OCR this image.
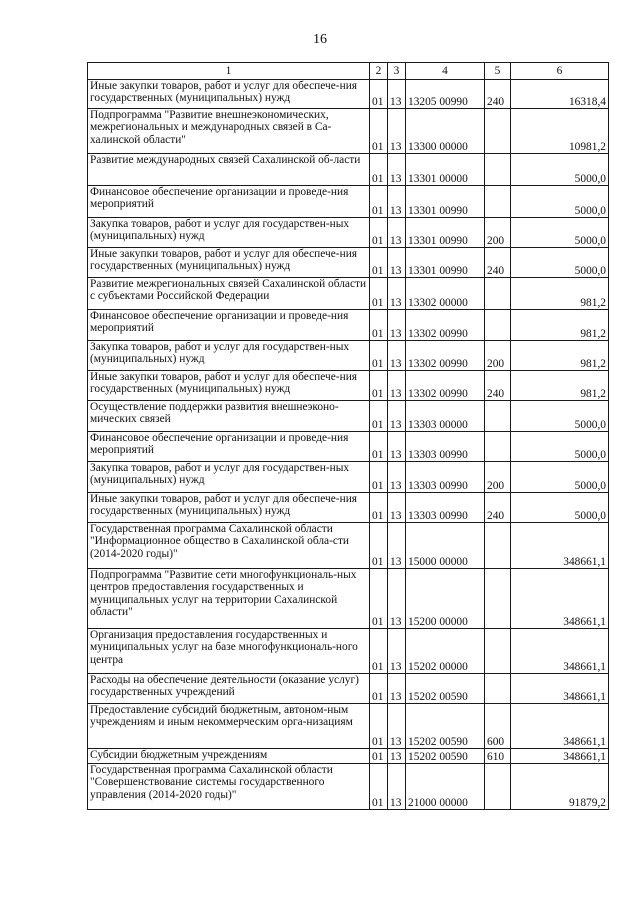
16
1	2	3	4	5	6
Иные закупки товаров, работ и услуг для обеспече-ния государственных (муниципальных) нужд	01	13	13205 00990	240	16318,4
Подпрограмма "Развитие внешнеэкономических, межрегиональных и международных связей в Са-халинской области"	01	13	13300 00000		10981,2
Развитие международных связей Сахалинской об-ласти	01	13	13301 00000		5000,0
Финансовое обеспечение организации и проведе-ния мероприятий	01	13	13301 00990		5000,0
Закупка товаров, работ и услуг для государствен-ных (муниципальных) нужд	01	13	13301 00990	200	5000,0
Иные закупки товаров, работ и услуг для обеспече-ния государственных (муниципальных) нужд	01	13	13301 00990	240	5000,0
Развитие межрегиональных связей Сахалинской области с субъектами Российской Федерации	01	13	13302 00000		981,2
Финансовое обеспечение организации и проведе-ния мероприятий	01	13	13302 00990		981,2
Закупка товаров, работ и услуг для государствен-ных (муниципальных) нужд	01	13	13302 00990	200	981,2
Иные закупки товаров, работ и услуг для обеспече-ния государственных (муниципальных) нужд	01	13	13302 00990	240	981,2
Осуществление поддержки развития внешнеэконо-мических связей	01	13	13303 00000		5000,0
Финансовое обеспечение организации и проведе-ния мероприятий	01	13	13303 00990		5000,0
Закупка товаров, работ и услуг для государствен-ных (муниципальных) нужд	01	13	13303 00990	200	5000,0
Иные закупки товаров, работ и услуг для обеспече-ния государственных (муниципальных) нужд	01	13	13303 00990	240	5000,0
Государственная программа Сахалинской области "Информационное общество в Сахалинской обла-сти (2014-2020 годы)"	01	13	15000 00000		348661,1
Подпрограмма "Развитие сети многофункциональ-ных центров предоставления государственных и муниципальных услуг на территории Сахалинской области"	01	13	15200 00000		348661,1
Организация предоставления государственных и муниципальных услуг на базе многофункциональ-ного центра	01	13	15202 00000		348661,1
Расходы на обеспечение деятельности (оказание услуг) государственных учреждений	01	13	15202 00590		348661,1
Предоставление субсидий бюджетным, автоном-ным учреждениям и иным некоммерческим орга-низациям	01	13	15202 00590	600	348661,1
Субсидии бюджетным учреждениям	01	13	15202 00590	610	348661,1
Государственная программа Сахалинской области "Совершенствование системы государственного управления (2014-2020 годы)"	01	13	21000 00000		91879,2
